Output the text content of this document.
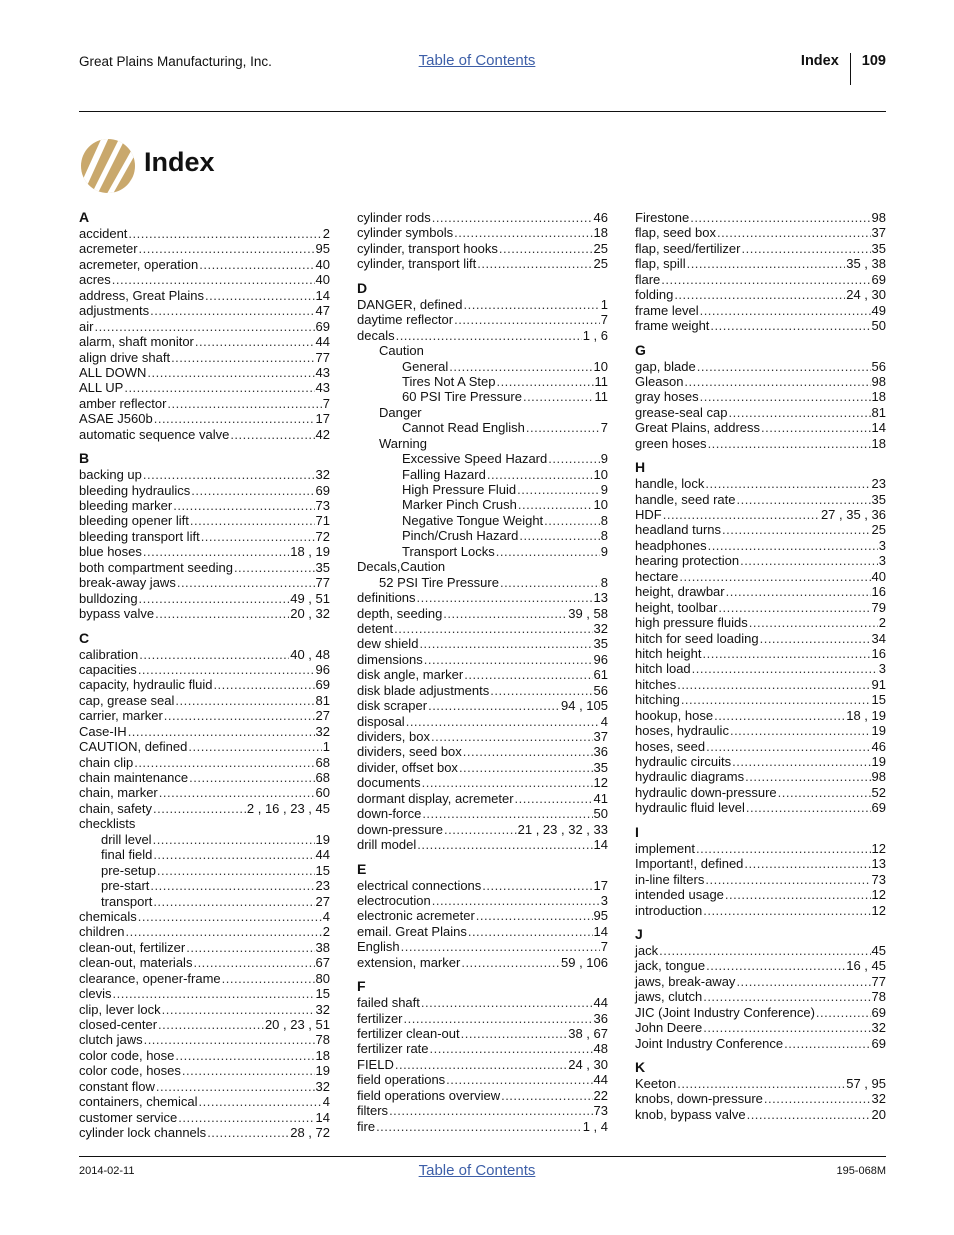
Great Plains Manufacturing, Inc.	Table of Contents	Index 109
Index
A
accident .....	2
acremeter .....	95
acremeter, operation .....	40
acres .....	40
address, Great Plains .....	14
adjustments .....	47
air .....	69
alarm, shaft monitor .....	44
align drive shaft .....	77
ALL DOWN .....	43
ALL UP .....	43
amber reflector .....	7
ASAE J560b .....	17
automatic sequence valve .....	42
B
backing up .....	32
bleeding hydraulics .....	69
bleeding marker .....	73
bleeding opener lift .....	71
bleeding transport lift .....	72
blue hoses .....	18 , 19
both compartment seeding .....	35
break-away jaws .....	77
bulldozing .....	49 , 51
bypass valve .....	20 , 32
C
calibration .....	40 , 48
capacities .....	96
capacity, hydraulic fluid .....	69
cap, grease seal .....	81
carrier, marker .....	27
Case-IH .....	32
CAUTION, defined .....	1
chain clip .....	68
chain maintenance .....	68
chain, marker .....	60
chain, safety .....	2 , 16 , 23 , 45
checklists
drill level .....	19
final field .....	44
pre-setup .....	15
pre-start .....	23
transport .....	27
chemicals .....	4
children .....	2
clean-out, fertilizer .....	38
clean-out, materials .....	67
clearance, opener-frame .....	80
clevis .....	15
clip, lever lock .....	32
closed-center .....	20 , 23 , 51
clutch jaws .....	78
color code, hose .....	18
color code, hoses .....	19
constant flow .....	32
containers, chemical .....	4
customer service .....	14
cylinder lock channels .....	28 , 72
cylinder rods .....	46
cylinder symbols .....	18
cylinder, transport hooks .....	25
cylinder, transport lift .....	25
D
DANGER, defined .....	1
daytime reflector .....	7
decals .....	1 , 6
Caution
General .....	10
Tires Not A Step .....	11
60 PSI Tire Pressure .....	11
Danger
Cannot Read English .....	7
Warning
Excessive Speed Hazard .....	9
Falling Hazard .....	10
High Pressure Fluid .....	9
Marker Pinch Crush .....	10
Negative Tongue Weight .....	8
Pinch/Crush Hazard .....	8
Transport Locks .....	9
Decals,Caution
52 PSI Tire Pressure .....	8
definitions .....	13
depth, seeding .....	39 , 58
detent .....	32
dew shield .....	35
dimensions .....	96
disk angle, marker .....	61
disk blade adjustments .....	56
disk scraper .....	94 , 105
disposal .....	4
dividers, box .....	37
dividers, seed box .....	36
divider, offset box .....	35
documents .....	12
dormant display, acremeter .....	41
down-force .....	50
down-pressure .....	21 , 23 , 32 , 33
drill model .....	14
E
electrical connections .....	17
electrocution .....	3
electronic acremeter .....	95
email. Great Plains .....	14
English .....	7
extension, marker .....	59 , 106
F
failed shaft .....	44
fertilizer .....	36
fertilizer clean-out .....	38 , 67
fertilizer rate .....	48
FIELD .....	24 , 30
field operations .....	44
field operations overview .....	22
filters .....	73
fire .....	1 , 4
Firestone .....	98
flap, seed box .....	37
flap, seed/fertilizer .....	35
flap, spill .....	35 , 38
flare .....	69
folding .....	24 , 30
frame level .....	49
frame weight .....	50
G
gap, blade .....	56
Gleason .....	98
gray hoses .....	18
grease-seal cap .....	81
Great Plains, address .....	14
green hoses .....	18
H
handle, lock .....	23
handle, seed rate .....	35
HDF .....	27 , 35 , 36
headland turns .....	25
headphones .....	3
hearing protection .....	3
hectare .....	40
height, drawbar .....	16
height, toolbar .....	79
high pressure fluids .....	2
hitch for seed loading .....	34
hitch height .....	16
hitch load .....	3
hitches .....	91
hitching .....	15
hookup, hose .....	18 , 19
hoses, hydraulic .....	19
hoses, seed .....	46
hydraulic circuits .....	19
hydraulic diagrams .....	98
hydraulic down-pressure .....	52
hydraulic fluid level .....	69
I
implement .....	12
Important!, defined .....	13
in-line filters .....	73
intended usage .....	12
introduction .....	12
J
jack .....	45
jack, tongue .....	16 , 45
jaws, break-away .....	77
jaws, clutch .....	78
JIC (Joint Industry Conference) .....	69
John Deere .....	32
Joint Industry Conference .....	69
K
Keeton .....	57 , 95
knobs, down-pressure .....	32
knob, bypass valve .....	20
2014-02-11	Table of Contents	195-068M
